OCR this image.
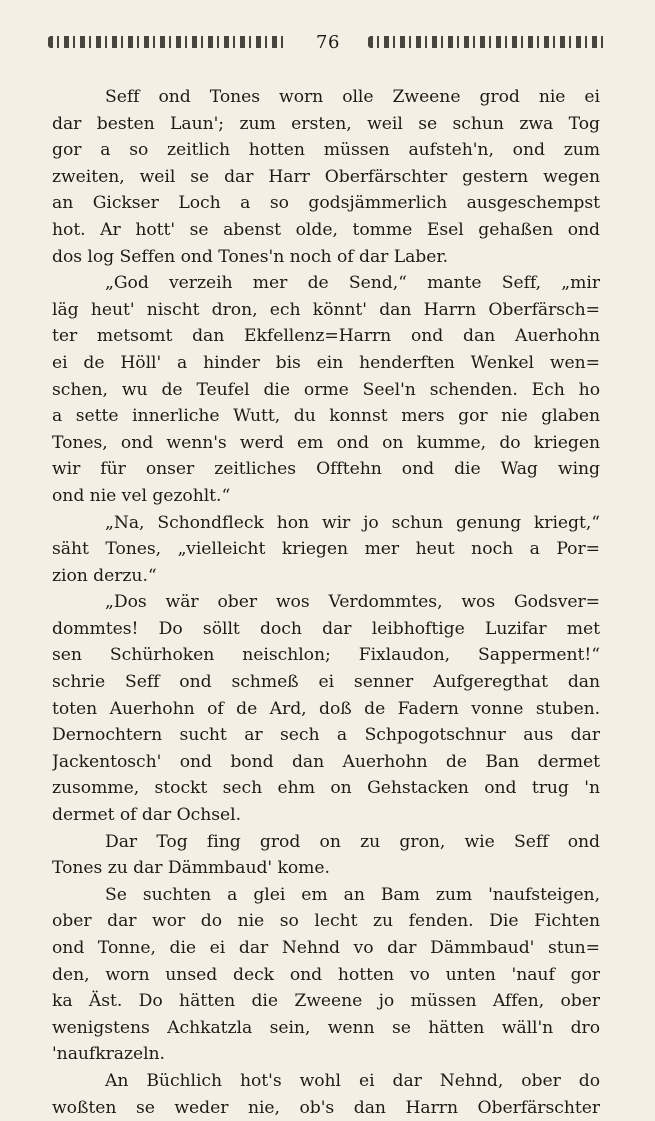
76
Seff ond Tones worn olle Zweene grod nie ei
dar besten Laun'; zum ersten, weil se schun zwa Tog
gor a so zeitlich hotten müssen aufsteh'n, ond zum
zweiten, weil se dar Harr Oberfärschter gestern wegen
an Gickser Loch a so godsjämmerlich ausgeschempst
hot. Ar hott' se abenst olde, tomme Esel gehaßen ond
dos log Seffen ond Tones'n noch of dar Laber.
„God verzeih mer de Send,“ mante Seff, „mir
läg heut' nischt dron, ech könnt' dan Harrn Oberfärsch=
ter metsomt dan Ekfellenz=Harrn ond dan Auerhohn
ei de Höll' a hinder bis ein henderften Wenkel wen=
schen, wu de Teufel die orme Seel'n schenden. Ech ho
a sette innerliche Wutt, du konnst mers gor nie glaben
Tones, ond wenn's werd em ond on kumme, do kriegen
wir für onser zeitliches Offtehn ond die Wag wing
ond nie vel gezohlt.“
„Na, Schondfleck hon wir jo schun genung kriegt,“
säht Tones, „vielleicht kriegen mer heut noch a Por=
zion derzu.“
„Dos wär ober wos Verdommtes, wos Godsver=
dommtes! Do söllt doch dar leibhoftige Luzifar met
sen Schürhoken neischlon; Fixlaudon, Sapperment!“
schrie Seff ond schmeß ei senner Aufgeregthat dan
toten Auerhohn of de Ard, doß de Fadern vonne stuben.
Dernochtern sucht ar sech a Schpogotschnur aus dar
Jackentosch' ond bond dan Auerhohn de Ban dermet
zusomme, stockt sech ehm on Gehstacken ond trug 'n
dermet of dar Ochsel.
Dar Tog fing grod on zu gron, wie Seff ond
Tones zu dar Dämmbaud' kome.
Se suchten a glei em an Bam zum 'naufsteigen,
ober dar wor do nie so lecht zu fenden. Die Fichten
ond Tonne, die ei dar Nehnd vo dar Dämmbaud' stun=
den, worn unsed deck ond hotten vo unten 'nauf gor
ka Äst. Do hätten die Zweene jo müssen Affen, ober
wenigstens Achkatzla sein, wenn se hätten wäll'n dro
'naufkrazeln.
An Büchlich hot's wohl ei dar Nehnd, ober do
woßten se weder nie, ob's dan Harrn Oberfärschter
